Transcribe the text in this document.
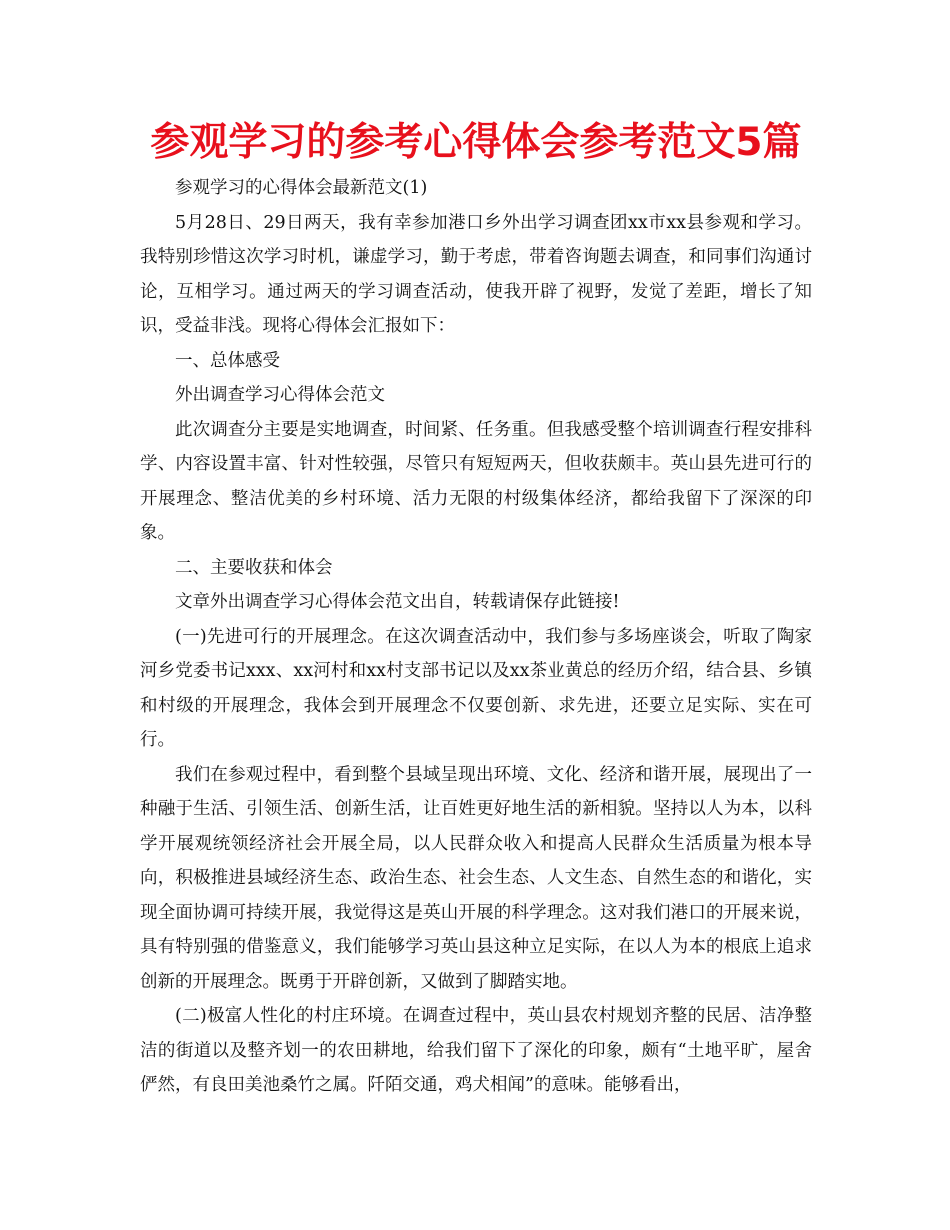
参观学习的参考心得体会参考范文5篇

参观学习的心得体会最新范文(1)

5月28日、29日两天，我有幸参加港口乡外出学习调查团xx市xx县参观和学习。我特别珍惜这次学习时机，谦虚学习，勤于考虑，带着咨询题去调查，和同事们沟通讨论，互相学习。通过两天的学习调查活动，使我开辟了视野，发觉了差距，增长了知识，受益非浅。现将心得体会汇报如下：

一、总体感受

外出调查学习心得体会范文

此次调查分主要是实地调查，时间紧、任务重。但我感受整个培训调查行程安排科学、内容设置丰富、针对性较强，尽管只有短短两天，但收获颇丰。英山县先进可行的开展理念、整洁优美的乡村环境、活力无限的村级集体经济，都给我留下了深深的印象。

二、主要收获和体会

文章外出调查学习心得体会范文出自，转载请保存此链接!

(一)先进可行的开展理念。在这次调查活动中，我们参与多场座谈会，听取了陶家河乡党委书记xxx、xx河村和xx村支部书记以及xx茶业黄总的经历介绍，结合县、乡镇和村级的开展理念，我体会到开展理念不仅要创新、求先进，还要立足实际、实在可行。

我们在参观过程中，看到整个县域呈现出环境、文化、经济和谐开展，展现出了一种融于生活、引领生活、创新生活，让百姓更好地生活的新相貌。坚持以人为本，以科学开展观统领经济社会开展全局，以人民群众收入和提高人民群众生活质量为根本导向，积极推进县域经济生态、政治生态、社会生态、人文生态、自然生态的和谐化，实现全面协调可持续开展，我觉得这是英山开展的科学理念。这对我们港口的开展来说，具有特别强的借鉴意义，我们能够学习英山县这种立足实际，在以人为本的根底上追求创新的开展理念。既勇于开辟创新，又做到了脚踏实地。

(二)极富人性化的村庄环境。在调查过程中，英山县农村规划齐整的民居、洁净整洁的街道以及整齐划一的农田耕地，给我们留下了深化的印象，颇有“土地平旷，屋舍俨然，有良田美池桑竹之属。阡陌交通，鸡犬相闻”的意味。能够看出，
